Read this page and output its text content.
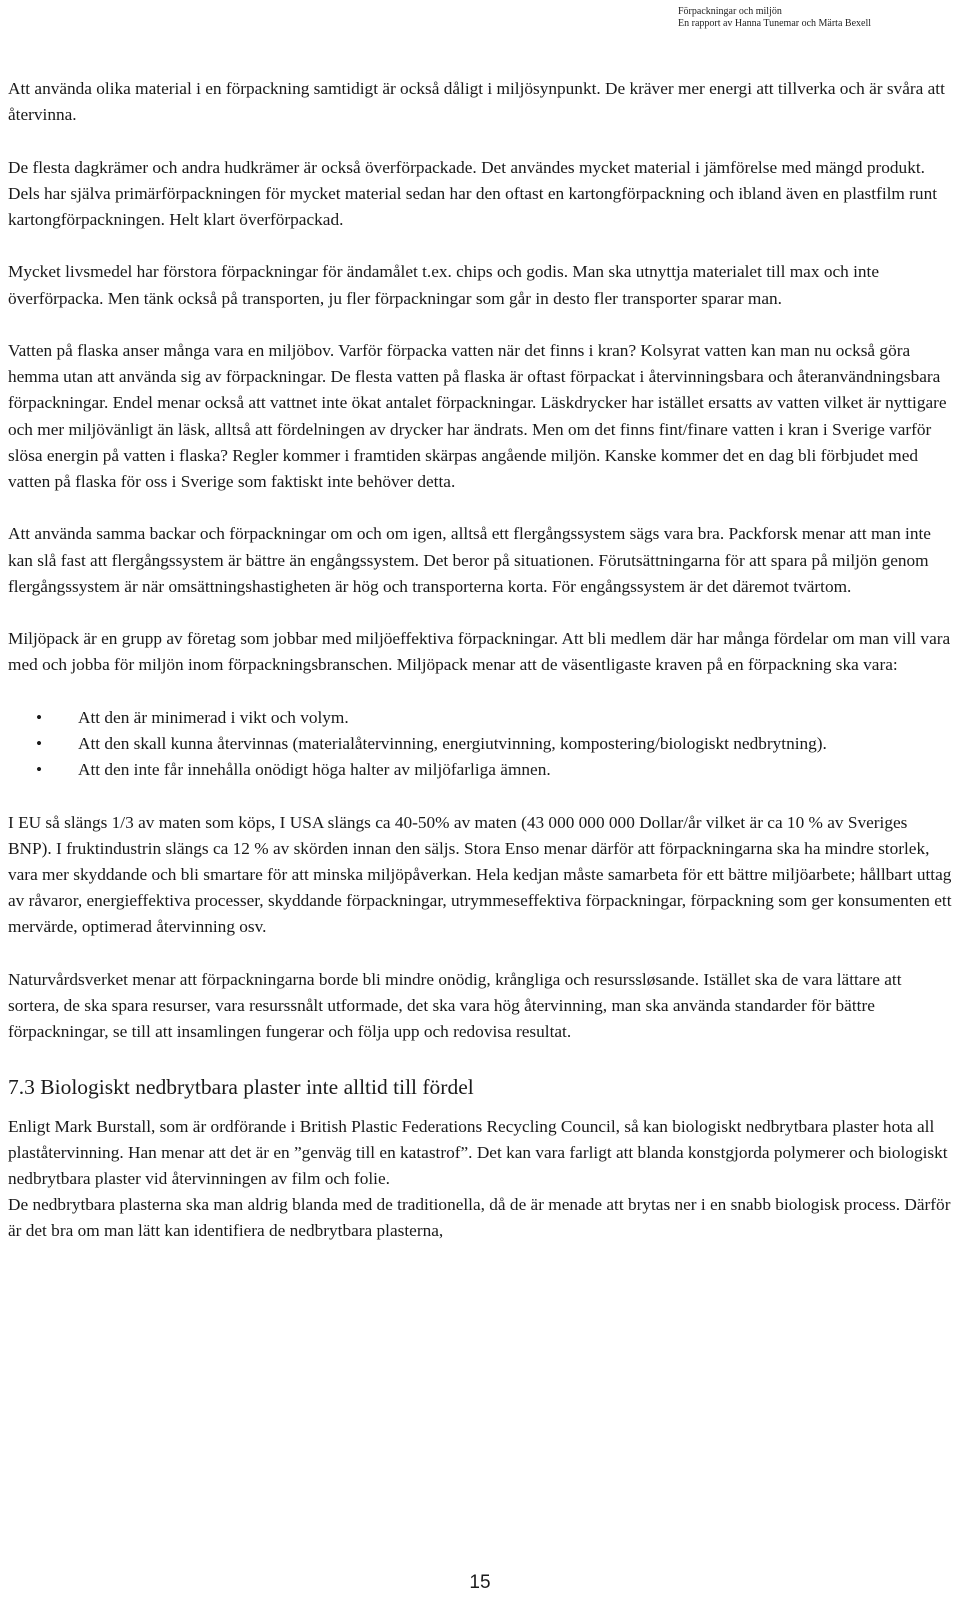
Förpackningar och miljön
En rapport av Hanna Tunemar och Märta Bexell

Att använda olika material i en förpackning samtidigt är också dåligt i miljösynpunkt. De kräver mer energi att tillverka och är svåra att återvinna.

De flesta dagkrämer och andra hudkrämer är också överförpackade. Det användes mycket material i jämförelse med mängd produkt. Dels har själva primärförpackningen för mycket material sedan har den oftast en kartongförpackning och ibland även en plastfilm runt kartongförpackningen. Helt klart överförpackad.

Mycket livsmedel har förstora förpackningar för ändamålet t.ex. chips och godis. Man ska utnyttja materialet till max och inte överförpacka. Men tänk också på transporten, ju fler förpackningar som går in desto fler transporter sparar man.

Vatten på flaska anser många vara en miljöbov. Varför förpacka vatten när det finns i kran? Kolsyrat vatten kan man nu också göra hemma utan att använda sig av förpackningar. De flesta vatten på flaska är oftast förpackat i återvinningsbara och återanvändningsbara förpackningar. Endel menar också att vattnet inte ökat antalet förpackningar. Läskdrycker har istället ersatts av vatten vilket är nyttigare och mer miljövänligt än läsk, alltså att fördelningen av drycker har ändrats. Men om det finns fint/finare vatten i kran i Sverige varför slösa energin på vatten i flaska? Regler kommer i framtiden skärpas angående miljön. Kanske kommer det en dag bli förbjudet med vatten på flaska för oss i Sverige som faktiskt inte behöver detta.

Att använda samma backar och förpackningar om och om igen, alltså ett flergångssystem sägs vara bra. Packforsk menar att man inte kan slå fast att flergångssystem är bättre än engångssystem. Det beror på situationen. Förutsättningarna för att spara på miljön genom flergångssystem är när omsättningshastigheten är hög och transporterna korta. För engångssystem är det däremot tvärtom.

Miljöpack är en grupp av företag som jobbar med miljöeffektiva förpackningar. Att bli medlem där har många fördelar om man vill vara med och jobba för miljön inom förpackningsbranschen. Miljöpack menar att de väsentligaste kraven på en förpackning ska vara:

• Att den är minimerad i vikt och volym.
• Att den skall kunna återvinnas (materialåtervinning, energiutvinning, kompostering/biologiskt nedbrytning).
• Att den inte får innehålla onödigt höga halter av miljöfarliga ämnen.

I EU så slängs 1/3 av maten som köps, I USA slängs ca 40-50% av maten (43 000 000 000 Dollar/år vilket är ca 10 % av Sveriges BNP). I fruktindustrin slängs ca 12 % av skörden innan den säljs. Stora Enso menar därför att förpackningarna ska ha mindre storlek, vara mer skyddande och bli smartare för att minska miljöpåverkan. Hela kedjan måste samarbeta för ett bättre miljöarbete; hållbart uttag av råvaror, energieffektiva processer, skyddande förpackningar, utrymmeseffektiva förpackningar, förpackning som ger konsumenten ett mervärde, optimerad återvinning osv.

Naturvårdsverket menar att förpackningarna borde bli mindre onödig, krångliga och resurssløsande. Istället ska de vara lättare att sortera, de ska spara resurser, vara resurssnålt utformade, det ska vara hög återvinning, man ska använda standarder för bättre förpackningar, se till att insamlingen fungerar och följa upp och redovisa resultat.

7.3 Biologiskt nedbrytbara plaster inte alltid till fördel

Enligt Mark Burstall, som är ordförande i British Plastic Federations Recycling Council, så kan biologiskt nedbrytbara plaster hota all plaståtervinning. Han menar att det är en ”genväg till en katastrof”. Det kan vara farligt att blanda konstgjorda polymerer och biologiskt nedbrytbara plaster vid återvinningen av film och folie.

De nedbrytbara plasterna ska man aldrig blanda med de traditionella, då de är menade att brytas ner i en snabb biologisk process. Därför är det bra om man lätt kan identifiera de nedbrytbara plasterna,

15
